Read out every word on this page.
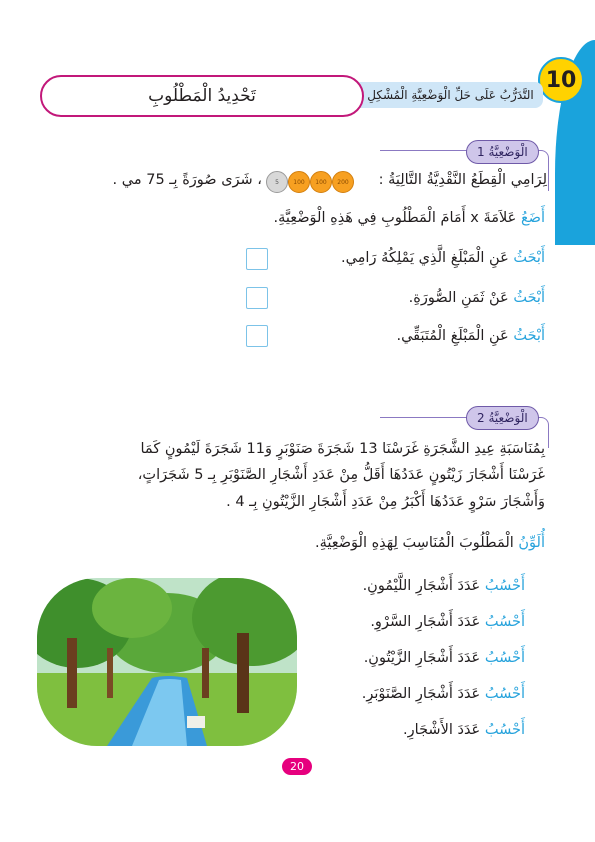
10
التَّدَرُّبُ عَلَى حَلِّ الْوَضْعِيَّةِ الْمُشْكِلِ
تَحْدِيدُ الْمَطْلُوبِ
الْوَضْعِيَّةُ 1
لِرَامِي الْقِطَعُ النَّقْدِيَّةُ التَّالِيَةُ :
200
100
100
5
، شَرَى صُورَةً بِـ 75 مي .
أَضَعُ عَلاَمَةَ x أَمَامَ الْمَطْلُوبِ فِي هَذِهِ الْوَضْعِيَّةِ.
أَبْحَثُ عَنِ الْمَبْلَغِ الَّذِي يَمْلِكُهُ رَامِي.
أَبْحَثُ عَنْ ثَمَنِ الصُّورَةِ.
أَبْحَثُ عَنِ الْمَبْلَغِ الْمُتَبَقِّي.
الْوَضْعِيَّةُ 2
بِمُنَاسَبَةِ عِيدِ الشَّجَرَةِ غَرَسْنَا 13 شَجَرَةَ صَنَوْبَرٍ وَ11 شَجَرَةَ لَيْمُونٍ كَمَا
غَرَسْنَا أَشْجَارَ زَيْتُونٍ عَدَدُهَا أَقَلُّ مِنْ عَدَدِ أَشْجَارِ الصَّنَوْبَرِ بِـ 5 شَجَرَاتٍ،
وَأَشْجَارَ سَرْوٍ عَدَدُهَا أَكْبَرُ مِنْ عَدَدِ أَشْجَارِ الزَّيْتُونِ بِـ 4 .
أُلَوِّنُ الْمَطْلُوبَ الْمُنَاسِبَ لِهَذِهِ الْوَضْعِيَّةِ.
أَحْسُبُ عَدَدَ أَشْجَارِ اللَّيْمُونِ.
أَحْسُبُ عَدَدَ أَشْجَارِ السَّرْوِ.
أَحْسُبُ عَدَدَ أَشْجَارِ الزَّيْتُونِ.
أَحْسُبُ عَدَدَ أَشْجَارِ الصَّنَوْبَرِ.
أَحْسُبُ عَدَدَ الأَشْجَارِ.
20
